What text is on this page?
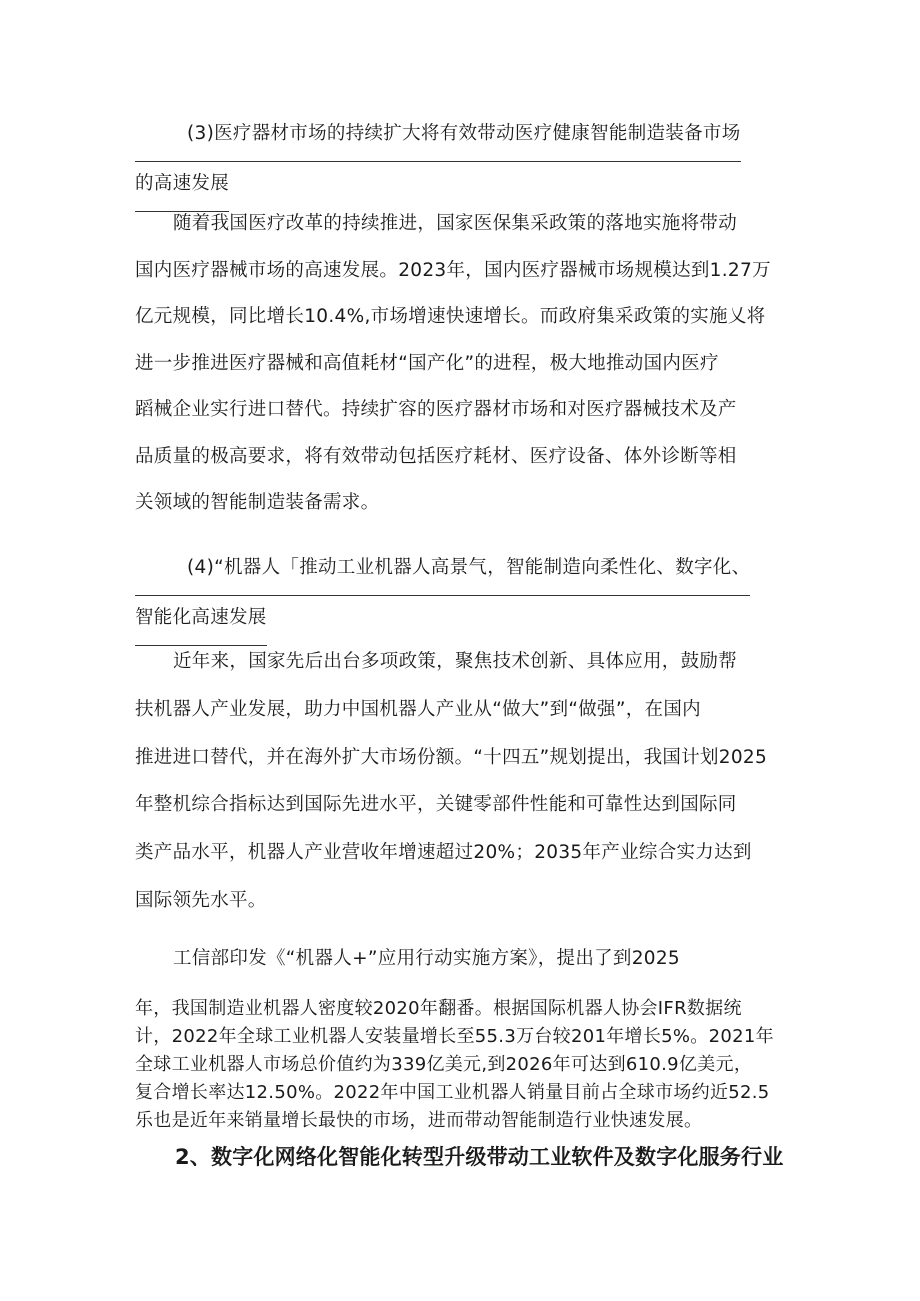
(3)医疗器材市场的持续扩大将有效带动医疗健康智能制造装备市场
的高速发展
随着我国医疗改革的持续推进，国家医保集采政策的落地实施将带动
国内医疗器械市场的高速发展。2023年，国内医疗器械市场规模达到1.27万
亿元规模，同比增长10.4%,市场增速快速增长。而政府集采政策的实施乂将
进一步推进医疗器械和高值耗材“国产化”的进程，极大地推动国内医疗
蹈械企业实行进口替代。持续扩容的医疗器材市场和对医疗器械技术及产
品质量的极高要求，将有效带动包括医疗耗材、医疗设备、体外诊断等相
关领域的智能制造装备需求。
(4)“机器人「推动工业机器人高景气，智能制造向柔性化、数字化、
智能化高速发展
近年来，国家先后出台多项政策，聚焦技术创新、具体应用，鼓励帮
扶机器人产业发展，助力中国机器人产业从“做大”到“做强”，在国内
推进进口替代，并在海外扩大市场份额。“十四五”规划提出，我国计划2025
年整机综合指标达到国际先进水平，关键零部件性能和可靠性达到国际同
类产品水平，机器人产业营收年增速超过20%；2035年产业综合实力达到
国际领先水平。
工信部印发《“机器人+”应用行动实施方案》，提出了到2025
年，我国制造业机器人密度较2020年翻番。根据国际机器人协会IFR数据统
计，2022年全球工业机器人安装量增长至55.3万台较201年增长5%。2021年
全球工业机器人市场总价值约为339亿美元,到2026年可达到610.9亿美元，
复合增长率达12.50%。2022年中国工业机器人销量目前占全球市场约近52.5
乐也是近年来销量增长最快的市场，进而带动智能制造行业快速发展。
2、数字化网络化智能化转型升级带动工业软件及数字化服务行业
